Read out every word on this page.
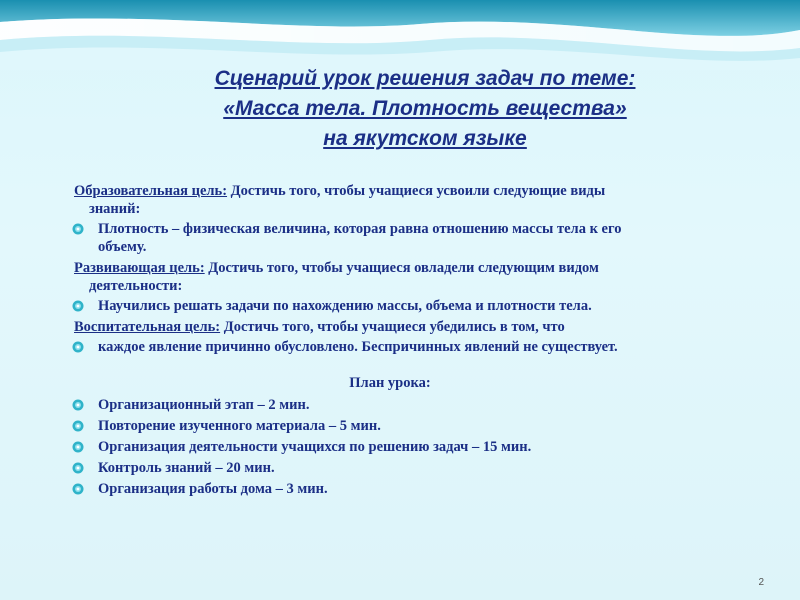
Сценарий урок решения задач по теме:
«Масса тела. Плотность вещества»
на якутском языке
Образовательная цель: Достичь того, чтобы учащиеся усвоили следующие виды
знаний:
Плотность – физическая величина, которая равна отношению массы тела к его
объему.
Развивающая цель: Достичь того, чтобы учащиеся овладели следующим видом
деятельности:
Научились решать задачи по нахождению массы, объема и плотности тела.
Воспитательная цель: Достичь того, чтобы учащиеся убедились в том, что
каждое явление причинно обусловлено. Беспричинных явлений не существует.
План урока:
Организационный этап – 2 мин.
Повторение изученного материала – 5 мин.
Организация деятельности учащихся по решению задач – 15 мин.
Контроль знаний – 20 мин.
Организация работы дома – 3 мин.
2
